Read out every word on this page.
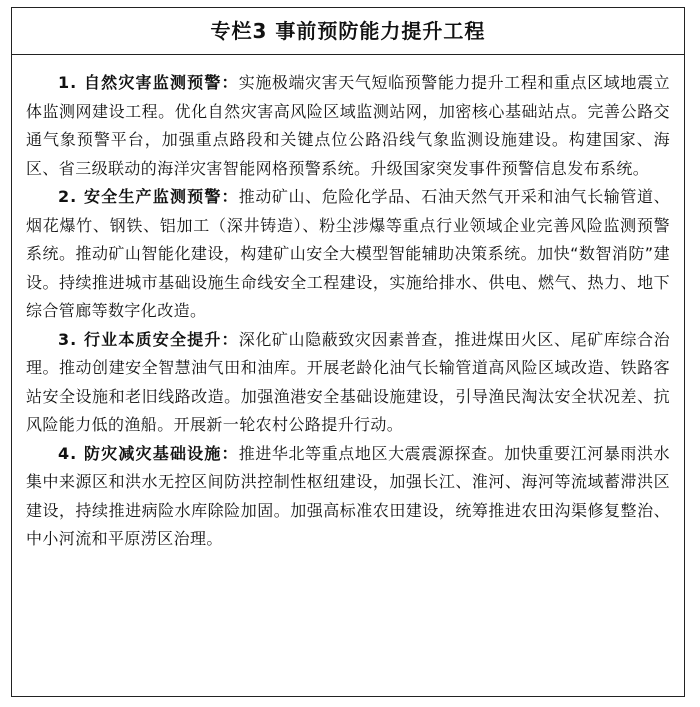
专栏3 事前预防能力提升工程

1. 自然灾害监测预警：实施极端灾害天气短临预警能力提升工程和重点区域地震立体监测网建设工程。优化自然灾害高风险区域监测站网，加密核心基础站点。完善公路交通气象预警平台，加强重点路段和关键点位公路沿线气象监测设施建设。构建国家、海区、省三级联动的海洋灾害智能网格预警系统。升级国家突发事件预警信息发布系统。

2. 安全生产监测预警：推动矿山、危险化学品、石油天然气开采和油气长输管道、烟花爆竹、钢铁、铝加工（深井铸造）、粉尘涉爆等重点行业领域企业完善风险监测预警系统。推动矿山智能化建设，构建矿山安全大模型智能辅助决策系统。加快“数智消防”建设。持续推进城市基础设施生命线安全工程建设，实施给排水、供电、燃气、热力、地下综合管廊等数字化改造。

3. 行业本质安全提升：深化矿山隐蔽致灾因素普查，推进煤田火区、尾矿库综合治理。推动创建安全智慧油气田和油库。开展老龄化油气长输管道高风险区域改造、铁路客站安全设施和老旧线路改造。加强渔港安全基础设施建设，引导渔民淘汰安全状况差、抗风险能力低的渔船。开展新一轮农村公路提升行动。

4. 防灾减灾基础设施：推进华北等重点地区大震震源探查。加快重要江河暴雨洪水集中来源区和洪水无控区间防洪控制性枢纽建设，加强长江、淮河、海河等流域蓄滞洪区建设，持续推进病险水库除险加固。加强高标准农田建设，统筹推进农田沟渠修复整治、中小河流和平原涝区治理。
